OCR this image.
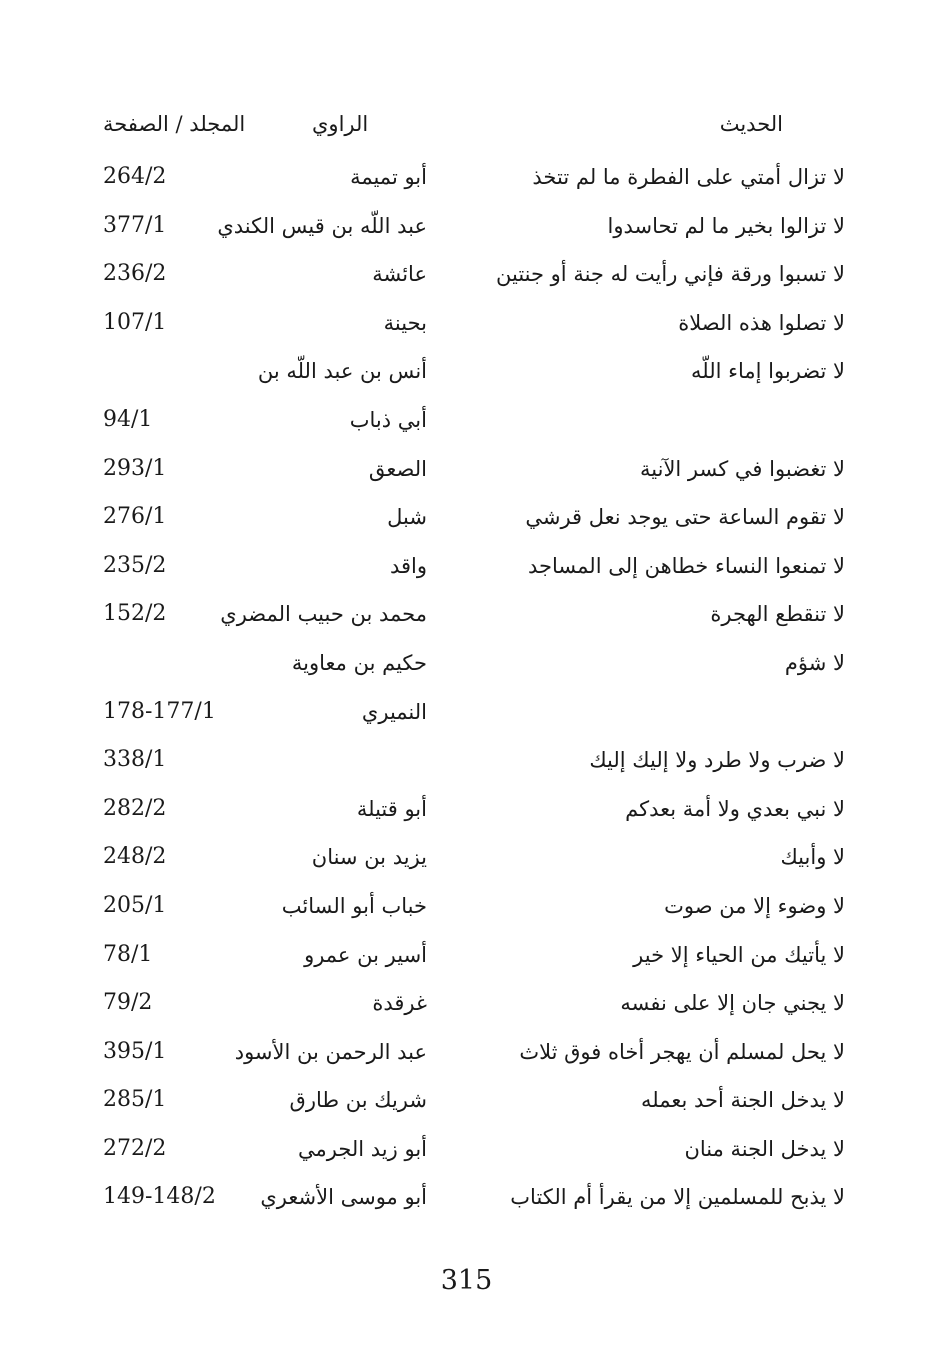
الحديث
الراوي
المجلد / الصفحة
لا تزال أمتي على الفطرة ما لم تتخذ
أبو تميمة
264/2
لا تزالوا بخير ما لم تحاسدوا
عبد اللّه بن قيس الكندي
377/1
لا تسبوا ورقة فإني رأيت له جنة أو جنتين
عائشة
236/2
لا تصلوا هذه الصلاة
بحينة
107/1
لا تضربوا إماء اللّه
أنس بن عبد اللّه بن
أبي ذباب
94/1
لا تغضبوا في كسر الآنية
الصعق
293/1
لا تقوم الساعة حتى يوجد نعل قرشي
شبل
276/1
لا تمنعوا النساء خطاهن إلى المساجد
واقد
235/2
لا تنقطع الهجرة
محمد بن حبيب المضري
152/2
لا شؤم
حكيم بن معاوية
النميري
178-177/1
لا ضرب ولا طرد ولا إليك إليك
338/1
لا نبي بعدي ولا أمة بعدكم
أبو قتيلة
282/2
لا وأبيك
يزيد بن سنان
248/2
لا وضوء إلا من صوت
خباب أبو السائب
205/1
لا يأتيك من الحياء إلا خير
أسير بن عمرو
78/1
لا يجني جان إلا على نفسه
غرقدة
79/2
لا يحل لمسلم أن يهجر أخاه فوق ثلاث
عبد الرحمن بن الأسود
395/1
لا يدخل الجنة أحد بعمله
شريك بن طارق
285/1
لا يدخل الجنة منان
أبو زيد الجرمي
272/2
لا يذبح للمسلمين إلا من يقرأ أم الكتاب
أبو موسى الأشعري
149-148/2
315
